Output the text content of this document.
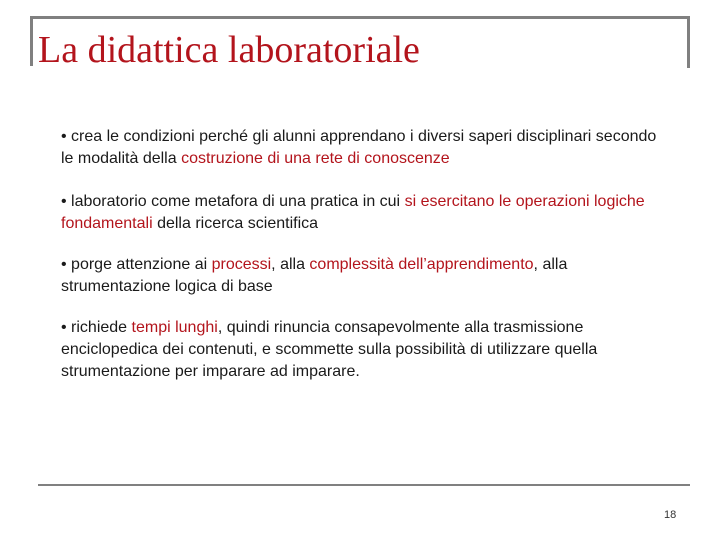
La didattica laboratoriale

• crea le condizioni perché gli alunni apprendano i diversi saperi disciplinari secondo le modalità della costruzione di una rete di conoscenze

• laboratorio come metafora di una pratica in cui si esercitano le operazioni logiche fondamentali della ricerca scientifica

• porge attenzione ai processi, alla complessità dell’apprendimento, alla strumentazione logica di base

• richiede tempi lunghi, quindi rinuncia consapevolmente alla trasmissione enciclopedica dei contenuti, e scommette sulla possibilità di utilizzare quella strumentazione per imparare ad imparare.

18
